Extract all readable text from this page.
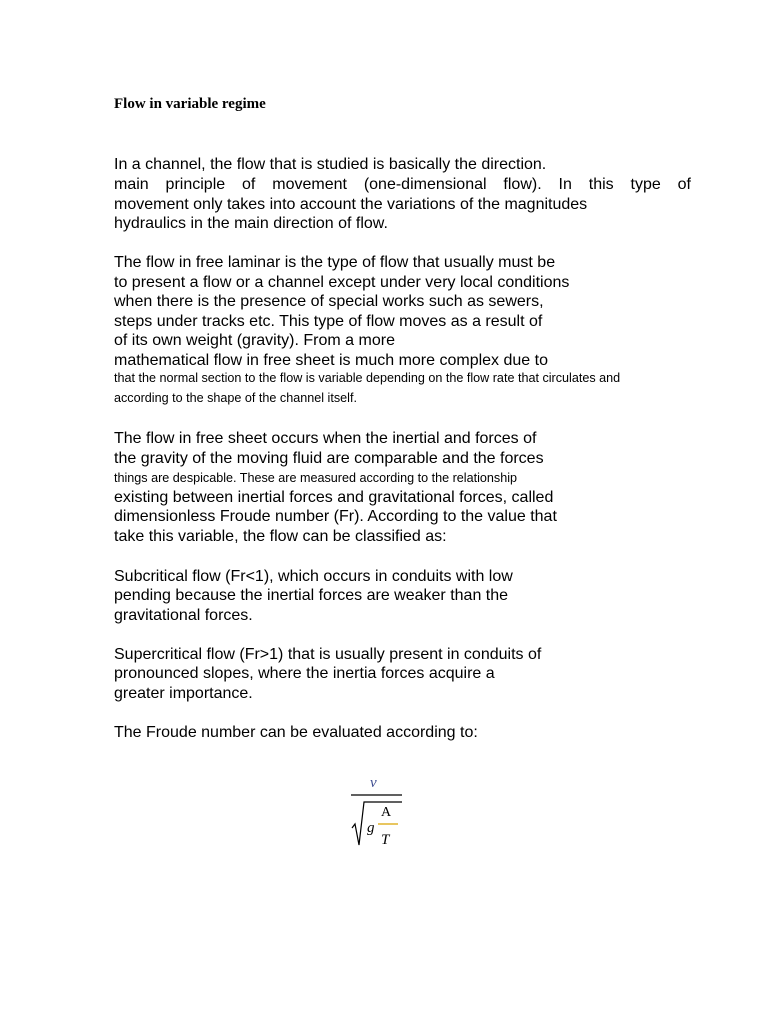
Flow in variable regime
In a channel, the flow that is studied is basically the direction.
main principle of movement (one-dimensional flow). In this type of
movement only takes into account the variations of the magnitudes
hydraulics in the main direction of flow.
The flow in free laminar is the type of flow that usually must be
to present a flow or a channel except under very local conditions
when there is the presence of special works such as sewers,
steps under tracks etc. This type of flow moves as a result of
of its own weight (gravity). From a more
mathematical flow in free sheet is much more complex due to
that the normal section to the flow is variable depending on the flow rate that circulates and
according to the shape of the channel itself.
The flow in free sheet occurs when the inertial and forces of
the gravity of the moving fluid are comparable and the forces
things are despicable. These are measured according to the relationship
existing between inertial forces and gravitational forces, called
dimensionless Froude number (Fr). According to the value that
take this variable, the flow can be classified as:
Subcritical flow (Fr<1), which occurs in conduits with low
pending because the inertial forces are weaker than the
gravitational forces.
Supercritical flow (Fr>1) that is usually present in conduits of
pronounced slopes, where the inertia forces acquire a
greater importance.
The Froude number can be evaluated according to:
v
g
A
T
